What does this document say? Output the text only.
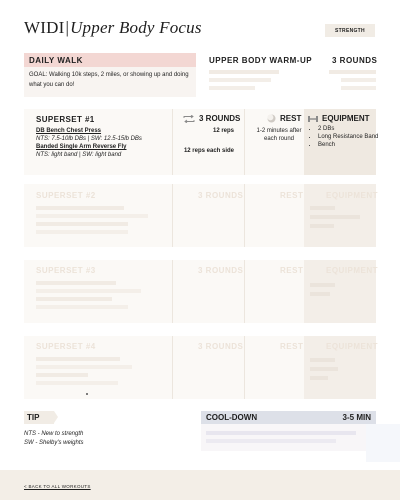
WIDI|Upper Body Focus	STRENGTH
DAILY WALK
GOAL: Walking 10k steps, 2 miles, or showing up and doing what you can do!
UPPER BODY WARM-UP 3 ROUNDS
SUPERSET #1
DB Bench Chest Press
NTS: 7.5-10lb DBs | SW: 12.5-15lb DBs
Banded Single Arm Reverse Fly
NTS: light band | SW: light band
3 ROUNDS
12 reps
12 reps each side
REST
1-2 minutes after each round
EQUIPMENT
• 2 DBs
• Long Resistance Band
• Bench
SUPERSET #2	3 ROUNDS	REST	EQUIPMENT
SUPERSET #3	3 ROUNDS	REST	EQUIPMENT
SUPERSET #4	3 ROUNDS	REST	EQUIPMENT
TIP
NTS - New to strength
SW - Shelby's weights
COOL-DOWN	3-5 MIN
< BACK TO ALL WORKOUTS
